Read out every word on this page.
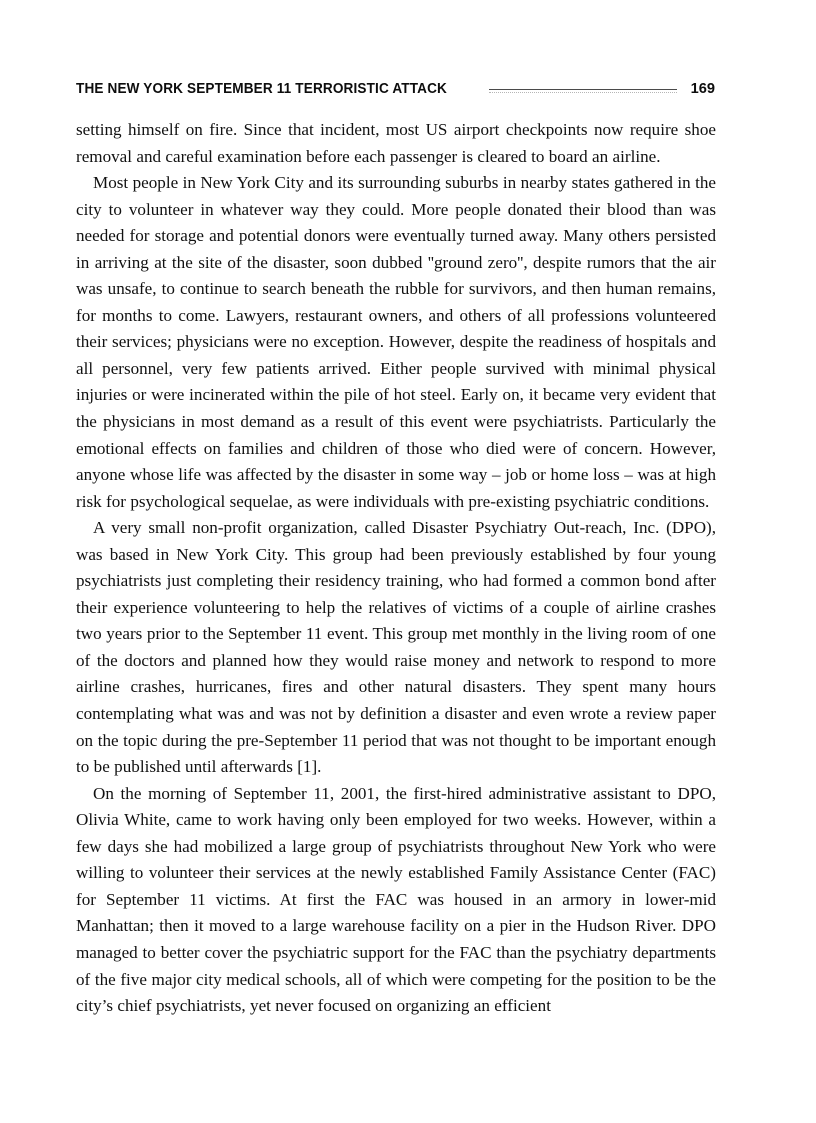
THE NEW YORK SEPTEMBER 11 TERRORISTIC ATTACK	169

setting himself on fire. Since that incident, most US airport checkpoints now require shoe removal and careful examination before each passenger is cleared to board an airline.

Most people in New York City and its surrounding suburbs in nearby states gathered in the city to volunteer in whatever way they could. More people donated their blood than was needed for storage and potential donors were eventually turned away. Many others persisted in arriving at the site of the disaster, soon dubbed ''ground zero'', despite rumors that the air was unsafe, to continue to search beneath the rubble for survivors, and then human remains, for months to come. Lawyers, restaurant owners, and others of all professions volunteered their services; physicians were no exception. However, despite the readiness of hospitals and all personnel, very few patients arrived. Either people survived with minimal physical injuries or were incinerated within the pile of hot steel. Early on, it became very evident that the physicians in most demand as a result of this event were psychiatrists. Particularly the emotional effects on families and children of those who died were of concern. However, anyone whose life was affected by the disaster in some way – job or home loss – was at high risk for psychological sequelae, as were individuals with pre-existing psychiatric conditions.

A very small non-profit organization, called Disaster Psychiatry Out-reach, Inc. (DPO), was based in New York City. This group had been previously established by four young psychiatrists just completing their residency training, who had formed a common bond after their experience volunteering to help the relatives of victims of a couple of airline crashes two years prior to the September 11 event. This group met monthly in the living room of one of the doctors and planned how they would raise money and network to respond to more airline crashes, hurricanes, fires and other natural disasters. They spent many hours contemplating what was and was not by definition a disaster and even wrote a review paper on the topic during the pre-September 11 period that was not thought to be important enough to be published until afterwards [1].

On the morning of September 11, 2001, the first-hired administrative assistant to DPO, Olivia White, came to work having only been employed for two weeks. However, within a few days she had mobilized a large group of psychiatrists throughout New York who were willing to volunteer their services at the newly established Family Assistance Center (FAC) for September 11 victims. At first the FAC was housed in an armory in lower-mid Manhattan; then it moved to a large warehouse facility on a pier in the Hudson River. DPO managed to better cover the psychiatric support for the FAC than the psychiatry departments of the five major city medical schools, all of which were competing for the position to be the city’s chief psychiatrists, yet never focused on organizing an efficient
